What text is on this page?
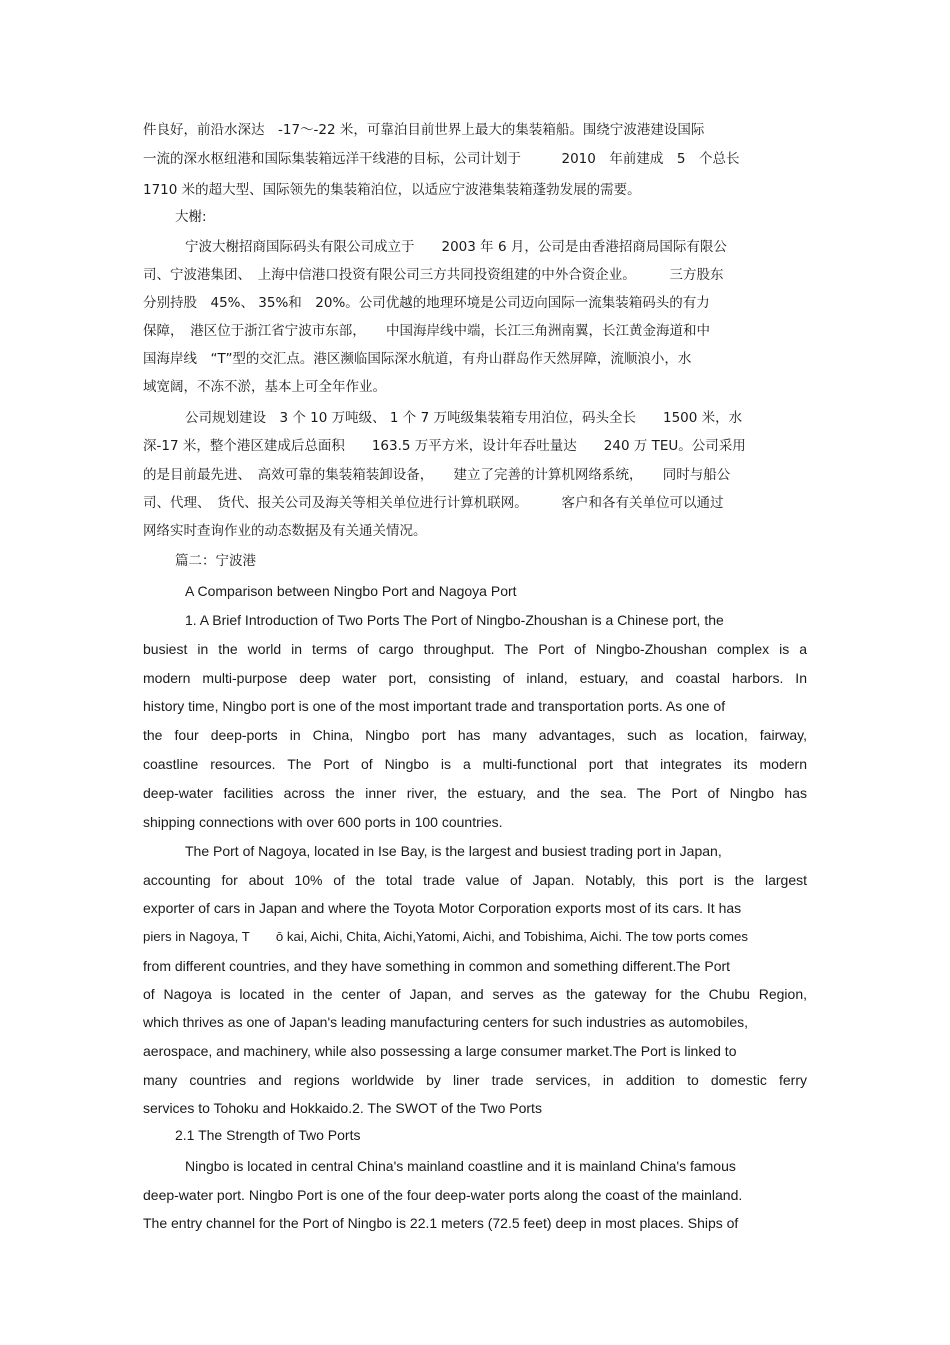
件良好，前沿水深达　-17～-22 米，可靠泊目前世界上最大的集装箱船。围绕宁波港建设国际
一流的深水枢纽港和国际集装箱远洋干线港的目标，公司计划于　　　2010　年前建成　5　个总长
1710 米的超大型、国际领先的集装箱泊位，以适应宁波港集装箱蓬勃发展的需要。
大榭:
宁波大榭招商国际码头有限公司成立于　　2003 年 6 月，公司是由香港招商局国际有限公
司、宁波港集团、　上海中信港口投资有限公司三方共同投资组建的中外合资企业。　　　三方股东
分别持股　45%、 35%和　20%。公司优越的地理环境是公司迈向国际一流集装箱码头的有力
保障，　港区位于浙江省宁波市东部，　　中国海岸线中端，长江三角洲南翼，长江黄金海道和中
国海岸线　“T”型的交汇点。港区濒临国际深水航道，有舟山群岛作天然屏障，流顺浪小，水
域宽阔，不冻不淤，基本上可全年作业。
公司规划建设　3 个 10 万吨级、 1 个 7 万吨级集装箱专用泊位，码头全长　　1500 米，水
深-17 米，整个港区建成后总面积　　163.5 万平方米，设计年吞吐量达　　240 万 TEU。公司采用
的是目前最先进、　高效可靠的集装箱装卸设备，　　建立了完善的计算机网络系统，　　同时与船公
司、代理、　货代、报关公司及海关等相关单位进行计算机联网。　　　客户和各有关单位可以通过
网络实时查询作业的动态数据及有关通关情况。
篇二：宁波港
A Comparison between Ningbo Port and Nagoya Port
1. A Brief Introduction of Two Ports The Port of Ningbo-Zhoushan is a Chinese port, the
busiest in the world in terms of cargo throughput. The Port of Ningbo-Zhoushan complex is a
modern multi-purpose deep water port, consisting of inland, estuary, and coastal harbors. In
history time, Ningbo port is one of the most important trade and transportation ports. As one of
the four deep-ports in China, Ningbo port has many advantages, such as location, fairway,
coastline resources. The Port of Ningbo is a multi-functional port that integrates its modern
deep-water facilities across the inner river, the estuary, and the sea. The Port of Ningbo has
shipping connections with over 600 ports in 100 countries.
The Port of Nagoya, located in Ise Bay, is the largest and busiest trading port in Japan,
accounting for about 10% of the total trade value of Japan. Notably, this port is the largest
exporter of cars in Japan and where the Toyota Motor Corporation exports most of its cars. It has
piers in Nagoya, T　　ō kai, Aichi, Chita, Aichi,Yatomi, Aichi, and Tobishima, Aichi. The tow ports comes
from different countries, and they have something in common and something different.The Port
of Nagoya is located in the center of Japan, and serves as the gateway for the Chubu Region,
which thrives as one of Japan's leading manufacturing centers for such industries as automobiles,
aerospace, and machinery, while also possessing a large consumer market.The Port is linked to
many countries and regions worldwide by liner trade services, in addition to domestic ferry
services to Tohoku and Hokkaido.2. The SWOT of the Two Ports
2.1 The Strength of Two Ports
Ningbo is located in central China's mainland coastline and it is mainland China's famous
deep-water port. Ningbo Port is one of the four deep-water ports along the coast of the mainland.
The entry channel for the Port of Ningbo is 22.1 meters (72.5 feet) deep in most places. Ships of
